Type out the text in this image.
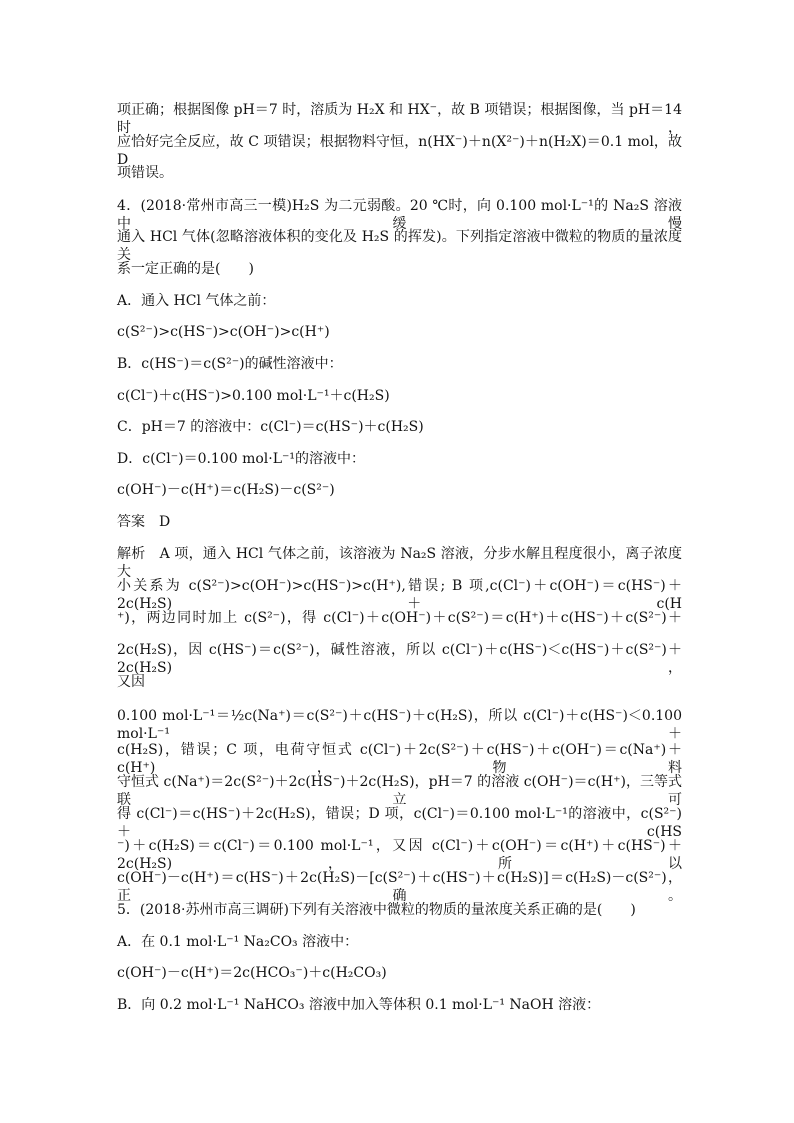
项正确；根据图像 pH＝7 时，溶质为 H₂X 和 HX⁻，故 B 项错误；根据图像，当 pH＝14 时，
应恰好完全反应，故 C 项错误；根据物料守恒，n(HX⁻)＋n(X²⁻)＋n(H₂X)＝0.1 mol，故 D
项错误。
4．(2018·常州市高三一模)H₂S 为二元弱酸。20 ℃时，向 0.100 mol·L⁻¹的 Na₂S 溶液中缓慢
通入 HCl 气体(忽略溶液体积的变化及 H₂S 的挥发)。下列指定溶液中微粒的物质的量浓度关
系一定正确的是(　　)
A．通入 HCl 气体之前：
c(S²⁻)>c(HS⁻)>c(OH⁻)>c(H⁺)
B．c(HS⁻)＝c(S²⁻)的碱性溶液中：
c(Cl⁻)＋c(HS⁻)>0.100 mol·L⁻¹＋c(H₂S)
C．pH＝7 的溶液中：c(Cl⁻)＝c(HS⁻)＋c(H₂S)
D．c(Cl⁻)＝0.100 mol·L⁻¹的溶液中：
c(OH⁻)－c(H⁺)＝c(H₂S)－c(S²⁻)
答案　D
解析　A 项，通入 HCl 气体之前，该溶液为 Na₂S 溶液，分步水解且程度很小，离子浓度大
小关系为 c(S²⁻)>c(OH⁻)>c(HS⁻)>c(H⁺),错误; B 项,c(Cl⁻)＋c(OH⁻)＝c(HS⁻)＋2c(H₂S)＋c(H
⁺)，两边同时加上 c(S²⁻)，得 c(Cl⁻)＋c(OH⁻)＋c(S²⁻)＝c(H⁺)＋c(HS⁻)＋c(S²⁻)＋
2c(H₂S)，因 c(HS⁻)＝c(S²⁻)，碱性溶液，所以 c(Cl⁻)＋c(HS⁻)＜c(HS⁻)＋c(S²⁻)＋2c(H₂S)，
又因
0.100 mol·L⁻¹＝½c(Na⁺)＝c(S²⁻)＋c(HS⁻)＋c(H₂S)，所以 c(Cl⁻)＋c(HS⁻)＜0.100 mol·L⁻¹＋
c(H₂S)，错误；C 项，电荷守恒式 c(Cl⁻)＋2c(S²⁻)＋c(HS⁻)＋c(OH⁻)＝c(Na⁺)＋c(H⁺)，物料
守恒式 c(Na⁺)＝2c(S²⁻)＋2c(HS⁻)＋2c(H₂S)，pH＝7 的溶液 c(OH⁻)＝c(H⁺)，三等式联立可
得 c(Cl⁻)＝c(HS⁻)＋2c(H₂S)，错误；D 项，c(Cl⁻)＝0.100 mol·L⁻¹的溶液中，c(S²⁻)＋c(HS
⁻)＋c(H₂S)＝c(Cl⁻)＝0.100 mol·L⁻¹，又因 c(Cl⁻)＋c(OH⁻)＝c(H⁺)＋c(HS⁻)＋2c(H₂S)，所以
c(OH⁻)－c(H⁺)＝c(HS⁻)＋2c(H₂S)－[c(S²⁻)＋c(HS⁻)＋c(H₂S)]＝c(H₂S)－c(S²⁻)，正确。
5．(2018·苏州市高三调研)下列有关溶液中微粒的物质的量浓度关系正确的是(　　)
A．在 0.1 mol·L⁻¹ Na₂CO₃ 溶液中：
c(OH⁻)－c(H⁺)＝2c(HCO₃⁻)＋c(H₂CO₃)
B．向 0.2 mol·L⁻¹ NaHCO₃ 溶液中加入等体积 0.1 mol·L⁻¹ NaOH 溶液：
